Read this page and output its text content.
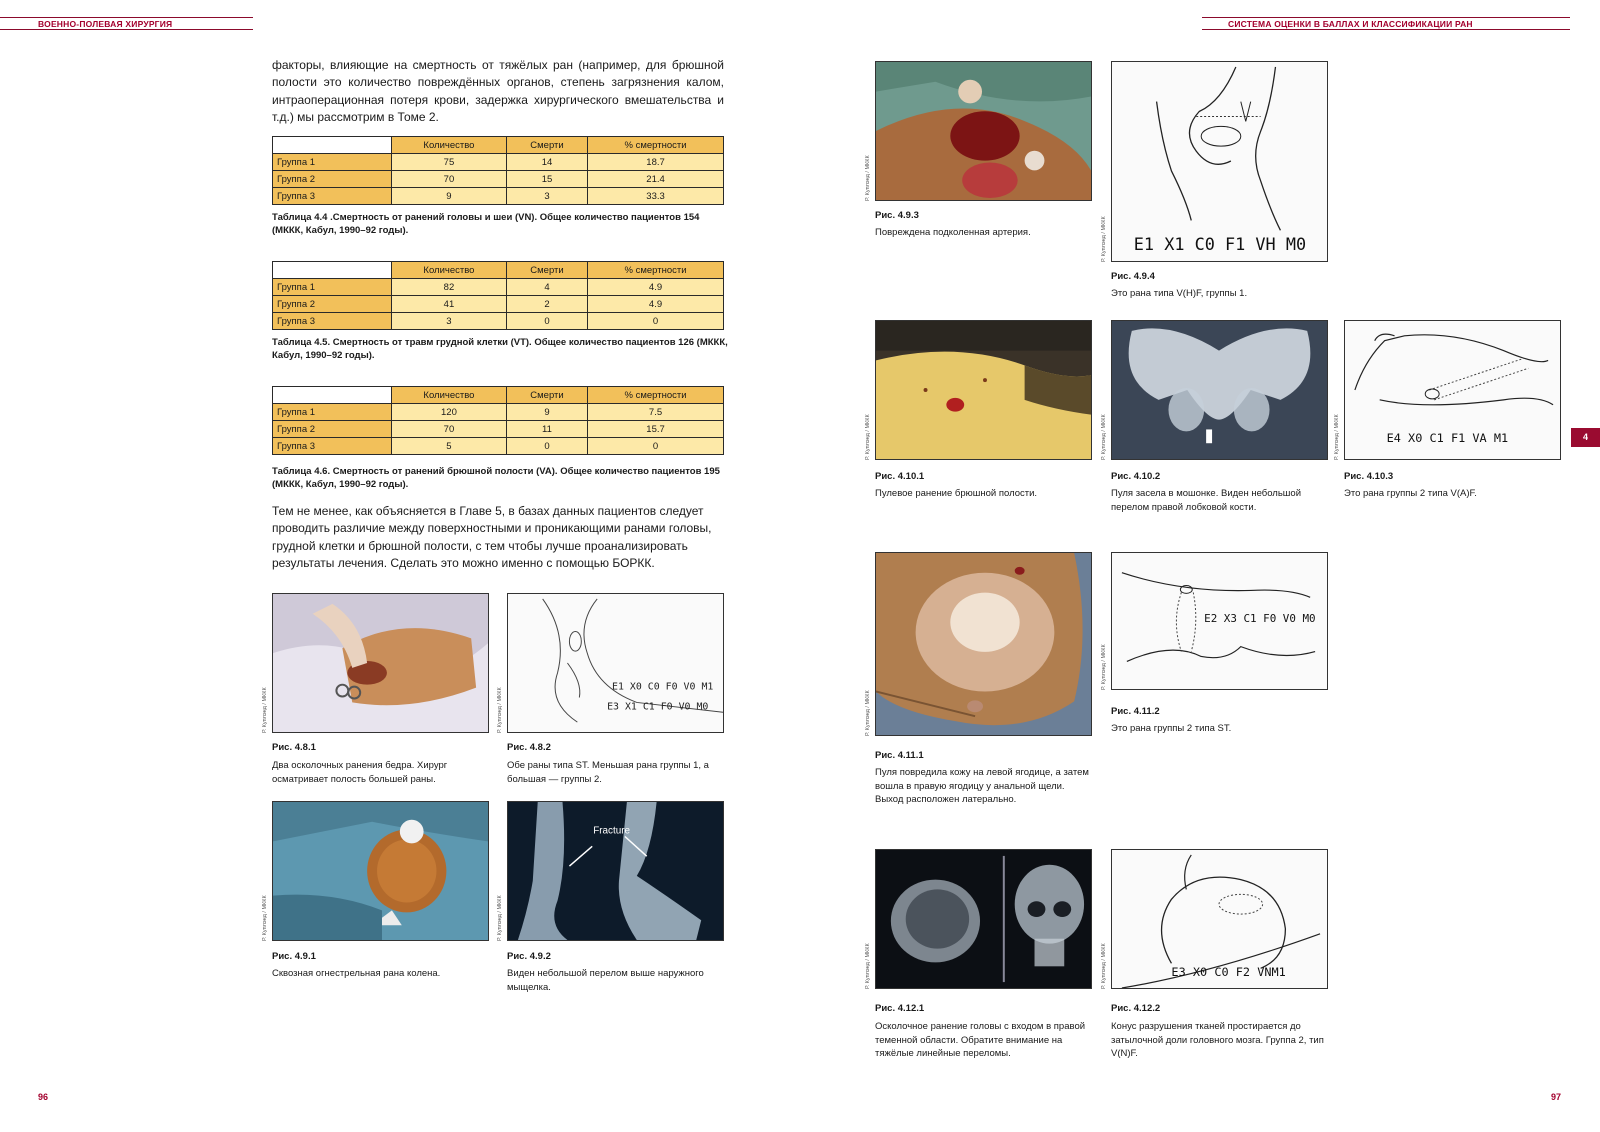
ВОЕННО-ПОЛЕВАЯ ХИРУРГИЯ	СИСТЕМА ОЦЕНКИ В БАЛЛАХ И КЛАССИФИКАЦИИ РАН
96	97
4
факторы, влияющие на смертность от тяжёлых ран (например, для брюшной полости это количество повреждённых органов, степень загрязнения калом, интраоперационная потеря крови, задержка хирургического вмешательства и т.д.) мы рассмотрим в Томе 2.
	Количество	Смерти	% смертности
Группа 1	75	14	18.7
Группа 2	70	15	21.4
Группа 3	9	3	33.3
Таблица 4.4 .Смертность от ранений головы и шеи (VN). Общее количество пациентов 154 (МККК, Кабул, 1990–92 годы).
	Количество	Смерти	% смертности
Группа 1	82	4	4.9
Группа 2	41	2	4.9
Группа 3	3	0	0
Таблица 4.5. Смертность от травм грудной клетки (VT). Общее количество пациентов 126 (МККК, Кабул, 1990–92 годы).
	Количество	Смерти	% смертности
Группа 1	120	9	7.5
Группа 2	70	11	15.7
Группа 3	5	0	0
Таблица 4.6. Смертность от ранений брюшной полости (VA). Общее количество пациентов 195 (МККК, Кабул, 1990–92 годы).
Тем не менее, как объясняется в Главе 5, в базах данных пациентов следует проводить различие между поверхностными и проникающими ранами головы, грудной клетки и брюшной полости, с тем чтобы лучше проанализировать результаты лечения. Сделать это можно именно с помощью БОРКК.
Р. Куплэнд / МККК
Рис. 4.8.1
Два осколочных ранения бедра. Хирург осматривает полость большей раны.
E1 X0 C0 F0 V0 M1
E3 X1 C1 F0 V0 M0
Р. Куплэнд / МККК
Рис. 4.8.2
Обе раны типа ST. Меньшая рана группы 1, а большая — группы 2.
Р. Куплэнд / МККК
Рис. 4.9.1
Сквозная огнестрельная рана колена.
Fracture
Р. Куплэнд / МККК
Рис. 4.9.2
Виден небольшой перелом выше наружного мыщелка.
Р. Куплэнд / МККК
Рис. 4.9.3
Повреждена подколенная артерия.
E1 X1 C0 F1 VH M0
Р. Куплэнд / МККК
Рис. 4.9.4
Это рана типа V(H)F, группы 1.
Р. Куплэнд / МККК
Рис. 4.10.1
Пулевое ранение брюшной полости.
Р. Куплэнд / МККК
Рис. 4.10.2
Пуля засела в мошонке. Виден небольшой перелом правой лобковой кости.
E4 X0 C1 F1 VA M1
Р. Куплэнд / МККК
Рис. 4.10.3
Это рана группы 2 типа V(A)F.
Р. Куплэнд / МККК
Рис. 4.11.1
Пуля повредила кожу на левой ягодице, а затем вошла в правую ягодицу у анальной щели. Выход расположен латерально.
E2 X3 C1 F0 V0 M0
Р. Куплэнд / МККК
Рис. 4.11.2
Это рана группы 2 типа ST.
Р. Куплэнд / МККК
Рис. 4.12.1
Осколочное ранение головы с входом в правой теменной области. Обратите внимание на тяжёлые линейные переломы.
E3 X0 C0 F2 VNM1
Р. Куплэнд / МККК
Рис. 4.12.2
Конус разрушения тканей простирается до затылочной доли головного мозга. Группа 2, тип V(N)F.
